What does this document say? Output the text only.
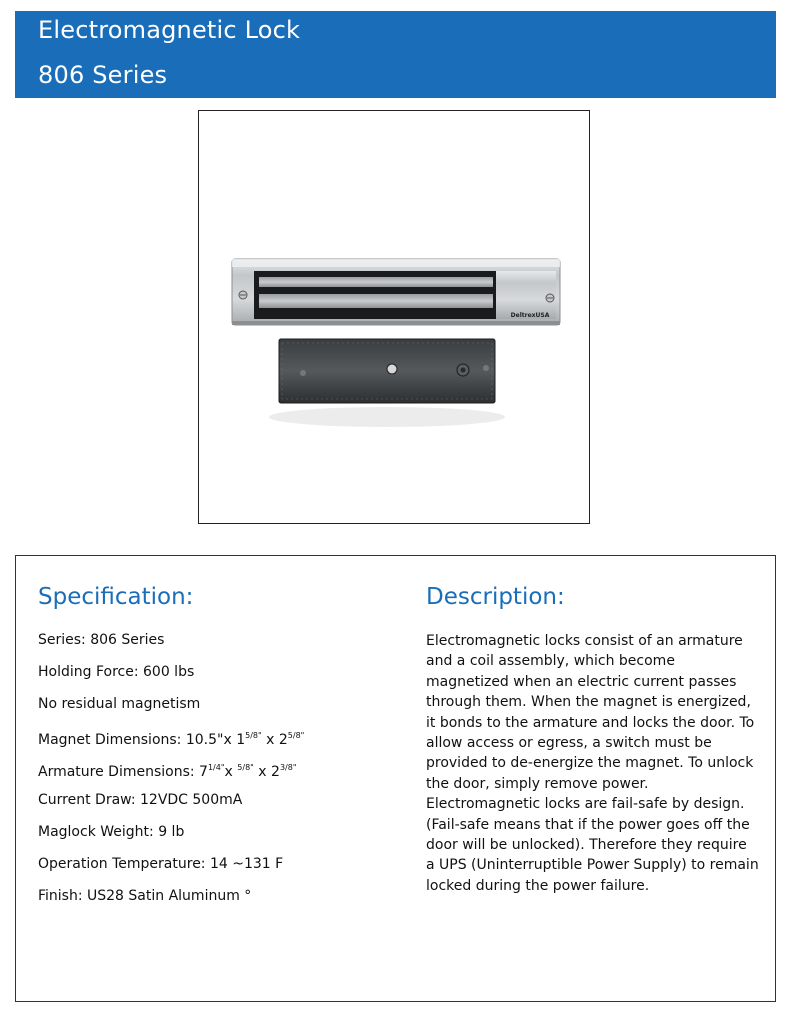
Electromagnetic Lock
806 Series
DeltrexUSA
Specification:
Series: 806 Series
Holding Force: 600 lbs
No residual magnetism
Magnet Dimensions: 10.5"x $1^{5/8"}$ x $2^{5/8"}$
Armature Dimensions: $7^{1/4"}x$ $^{5/8"}$ x $2^{3/8"}$
Current Draw: 12VDC 500mA
Maglock Weight: 9 lb
Operation Temperature: 14 ~131 F
Finish: US28 Satin Aluminum °
Description:

Electromagnetic locks consist of an armature and a coil assembly, which become magnetized when an electric current passes through them. When the magnet is energized, it bonds to the armature and locks the door. To allow access or egress, a switch must be provided to de-energize the magnet. To unlock the door, simply remove power. Electromagnetic locks are fail-safe by design. (Fail-safe means that if the power goes off the door will be unlocked). Therefore they require a UPS (Uninterruptible Power Supply) to remain locked during the power failure.
